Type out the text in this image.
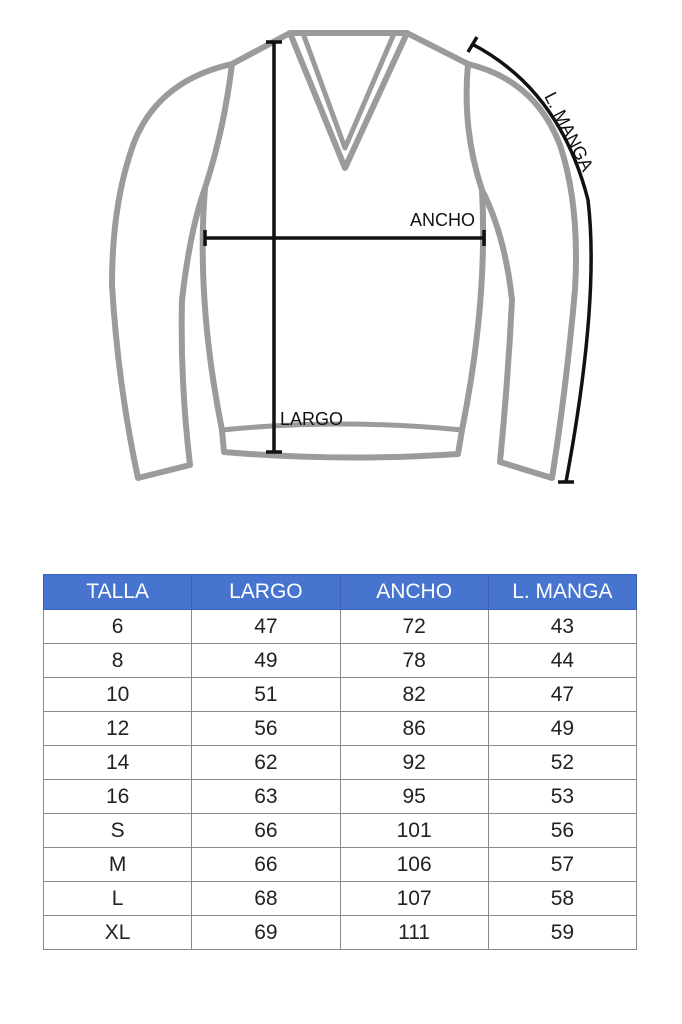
ANCHO
LARGO
L. MANGA
TALLA	LARGO	ANCHO	L. MANGA
6	47	72	43
8	49	78	44
10	51	82	47
12	56	86	49
14	62	92	52
16	63	95	53
S	66	101	56
M	66	106	57
L	68	107	58
XL	69	111	59
